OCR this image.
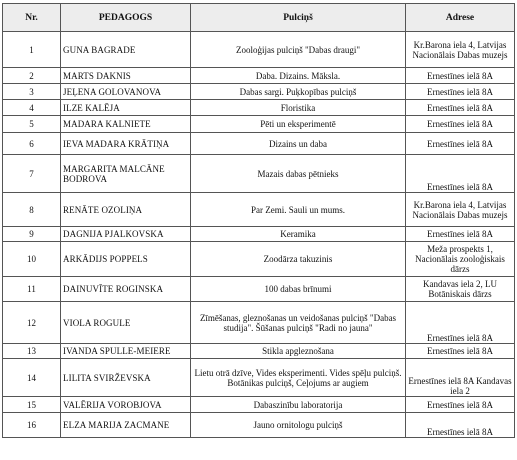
Nr.	PEDAGOGS	Pulciņš	Adrese
1	GUNA BAGRADE	Zooloģijas pulciņš "Dabas draugi"	Kr.Barona iela 4, Latvijas Nacionālais Dabas muzejs
2	MARTS DAKNIS	Daba. Dizains. Māksla.	Ernestīnes ielā 8A
3	JEĻENA GOLOVANOVA	Dabas sargi. Puķkopības pulciņš	Ernestīnes ielā 8A
4	ILZE KALĒJA	Floristika	Ernestīnes ielā 8A
5	MADARA KALNIETE	Pēti un eksperimentē	Ernestīnes ielā 8A
6	IEVA MADARA KRĀTIŅA	Dizains un daba	Ernestīnes ielā 8A
7	MARGARITA MALCĀNE BODROVA	Mazais dabas pētnieks	Ernestīnes ielā 8A
8	RENĀTE OZOLIŅA	Par Zemi. Sauli un mums.	Kr.Barona iela 4, Latvijas Nacionālais Dabas muzejs
9	DAGNIJA PJALKOVSKA	Keramika	Ernestīnes ielā 8A
10	ARKĀDIJS POPPELS	Zoodārza takuzinis	Meža prospekts 1, Nacionālais zooloģiskais dārzs
11	DAINUVĪTE ROGINSKA	100 dabas brīnumi	Kandavas iela 2, LU Botāniskais dārzs
12	VIOLA ROGULE	Zīmēšanas, gleznošanas un veidošanas pulciņš "Dabas studija". Šūšanas pulciņš "Radi no jauna"	Ernestīnes ielā 8A
13	IVANDA SPULLE-MEIERE	Stikla apgleznošana	Ernestīnes ielā 8A
14	LILITA SVIRŽEVSKA	Lietu otrā dzīve, Vides eksperimenti. Vides spēļu pulciņš. Botānikas pulciņš, Ceļojums ar augiem	Ernestīnes ielā 8A Kandavas iela 2
15	VALĒRIJA VOROBJOVA	Dabaszinību laboratorija	Ernestīnes ielā 8A
16	ELZA MARIJA ZACMANE	Jauno ornitologu pulciņš	Ernestīnes ielā 8A
